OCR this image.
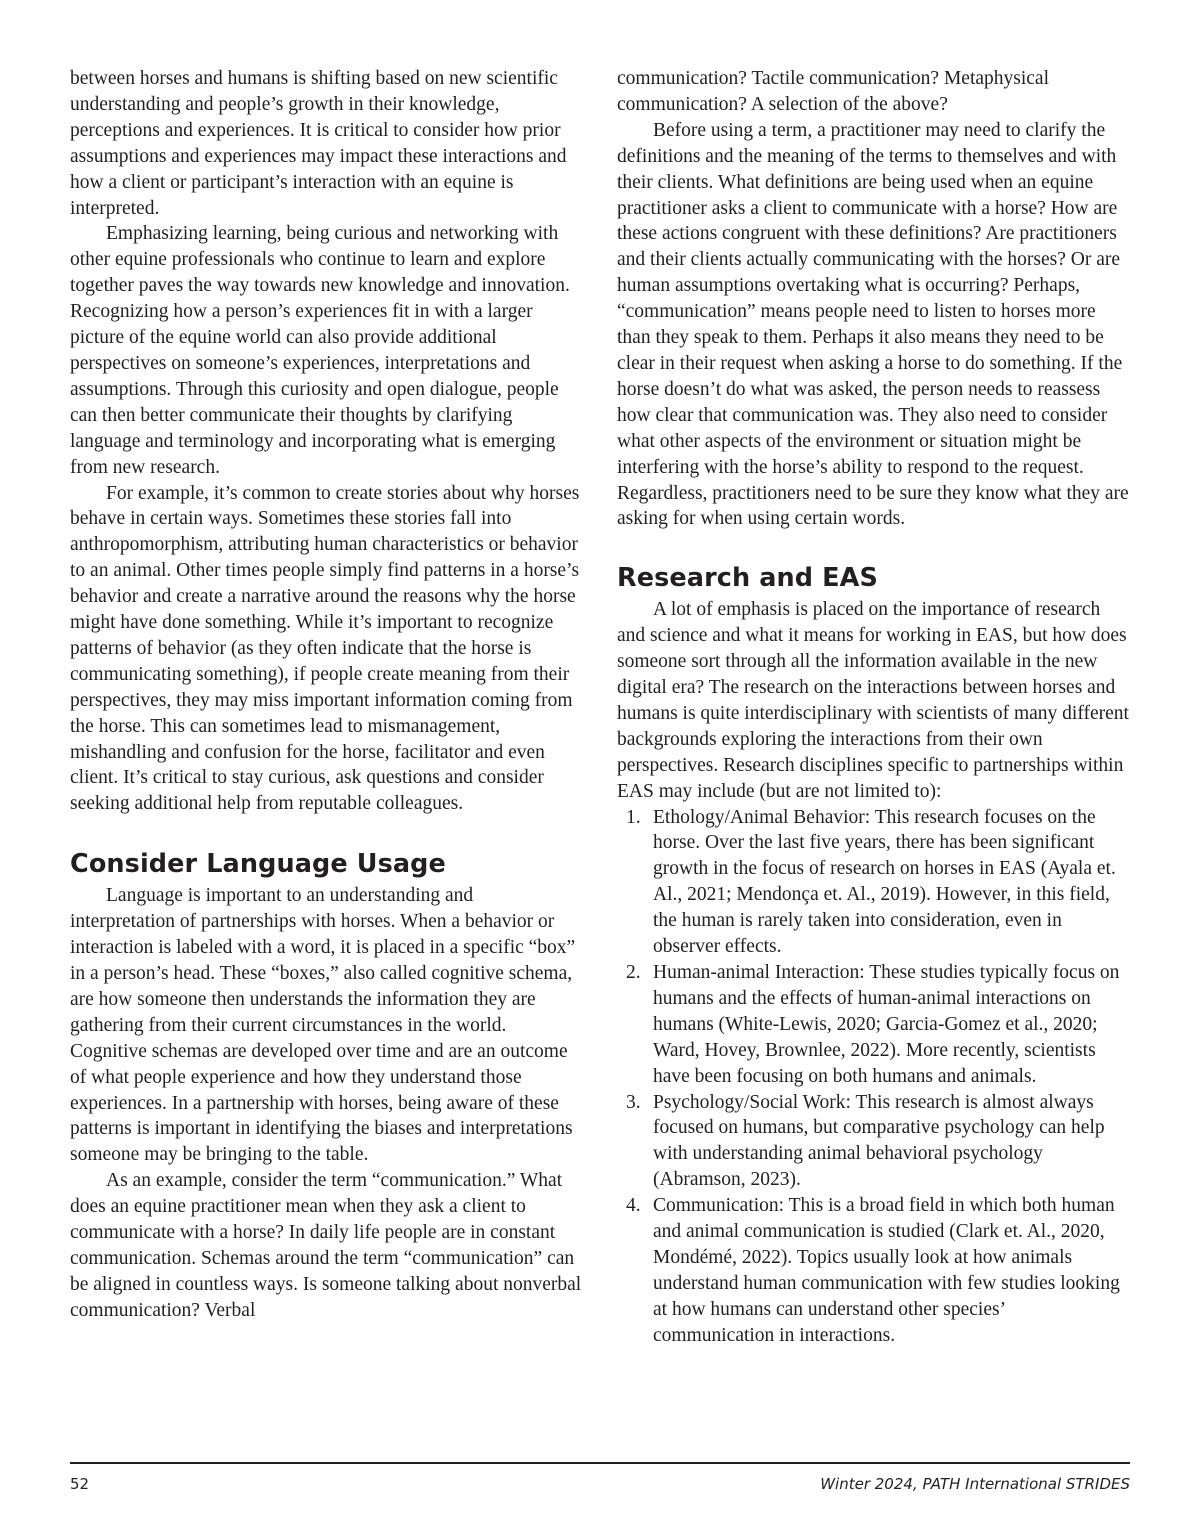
between horses and humans is shifting based on new scientific understanding and people’s growth in their knowledge, perceptions and experiences. It is critical to consider how prior assumptions and experiences may impact these interactions and how a client or participant’s interaction with an equine is interpreted.

Emphasizing learning, being curious and networking with other equine professionals who continue to learn and explore together paves the way towards new knowledge and innovation. Recognizing how a person’s experiences fit in with a larger picture of the equine world can also provide additional perspectives on someone’s experiences, interpretations and assumptions. Through this curiosity and open dialogue, people can then better communicate their thoughts by clarifying language and terminology and incorporating what is emerging from new research.

For example, it’s common to create stories about why horses behave in certain ways. Sometimes these stories fall into anthropomorphism, attributing human characteristics or behavior to an animal. Other times people simply find patterns in a horse’s behavior and create a narrative around the reasons why the horse might have done something. While it’s important to recognize patterns of behavior (as they often indicate that the horse is communicating something), if people create meaning from their perspectives, they may miss important information coming from the horse. This can sometimes lead to mismanagement, mishandling and confusion for the horse, facilitator and even client. It’s critical to stay curious, ask questions and consider seeking additional help from reputable colleagues.

Consider Language Usage

Language is important to an understanding and interpretation of partnerships with horses. When a behavior or interaction is labeled with a word, it is placed in a specific “box” in a person’s head. These “boxes,” also called cognitive schema, are how someone then understands the information they are gathering from their current circumstances in the world. Cognitive schemas are developed over time and are an outcome of what people experience and how they understand those experiences. In a partnership with horses, being aware of these patterns is important in identifying the biases and interpretations someone may be bringing to the table.

As an example, consider the term “communication.” What does an equine practitioner mean when they ask a client to communicate with a horse? In daily life people are in constant communication. Schemas around the term “communication” can be aligned in countless ways. Is someone talking about nonverbal communication? Verbal

communication? Tactile communication? Metaphysical communication? A selection of the above?

Before using a term, a practitioner may need to clarify the definitions and the meaning of the terms to themselves and with their clients. What definitions are being used when an equine practitioner asks a client to communicate with a horse? How are these actions congruent with these definitions? Are practitioners and their clients actually communicating with the horses? Or are human assumptions overtaking what is occurring? Perhaps, “communication” means people need to listen to horses more than they speak to them. Perhaps it also means they need to be clear in their request when asking a horse to do something. If the horse doesn’t do what was asked, the person needs to reassess how clear that communication was. They also need to consider what other aspects of the environment or situation might be interfering with the horse’s ability to respond to the request. Regardless, practitioners need to be sure they know what they are asking for when using certain words.

Research and EAS

A lot of emphasis is placed on the importance of research and science and what it means for working in EAS, but how does someone sort through all the information available in the new digital era? The research on the interactions between horses and humans is quite interdisciplinary with scientists of many different backgrounds exploring the interactions from their own perspectives. Research disciplines specific to partnerships within EAS may include (but are not limited to):

1. Ethology/Animal Behavior: This research focuses on the horse. Over the last five years, there has been significant growth in the focus of research on horses in EAS (Ayala et. Al., 2021; Mendonça et. Al., 2019). However, in this field, the human is rarely taken into consideration, even in observer effects.
2. Human-animal Interaction: These studies typically focus on humans and the effects of human-animal interactions on humans (White-Lewis, 2020; Garcia-Gomez et al., 2020; Ward, Hovey, Brownlee, 2022). More recently, scientists have been focusing on both humans and animals.
3. Psychology/Social Work: This research is almost always focused on humans, but comparative psychology can help with understanding animal behavioral psychology (Abramson, 2023).
4. Communication: This is a broad field in which both human and animal communication is studied (Clark et. Al., 2020, Mondémé, 2022). Topics usually look at how animals understand human communication with few studies looking at how humans can understand other species’ communication in interactions.
52	Winter 2024, PATH International STRIDES
